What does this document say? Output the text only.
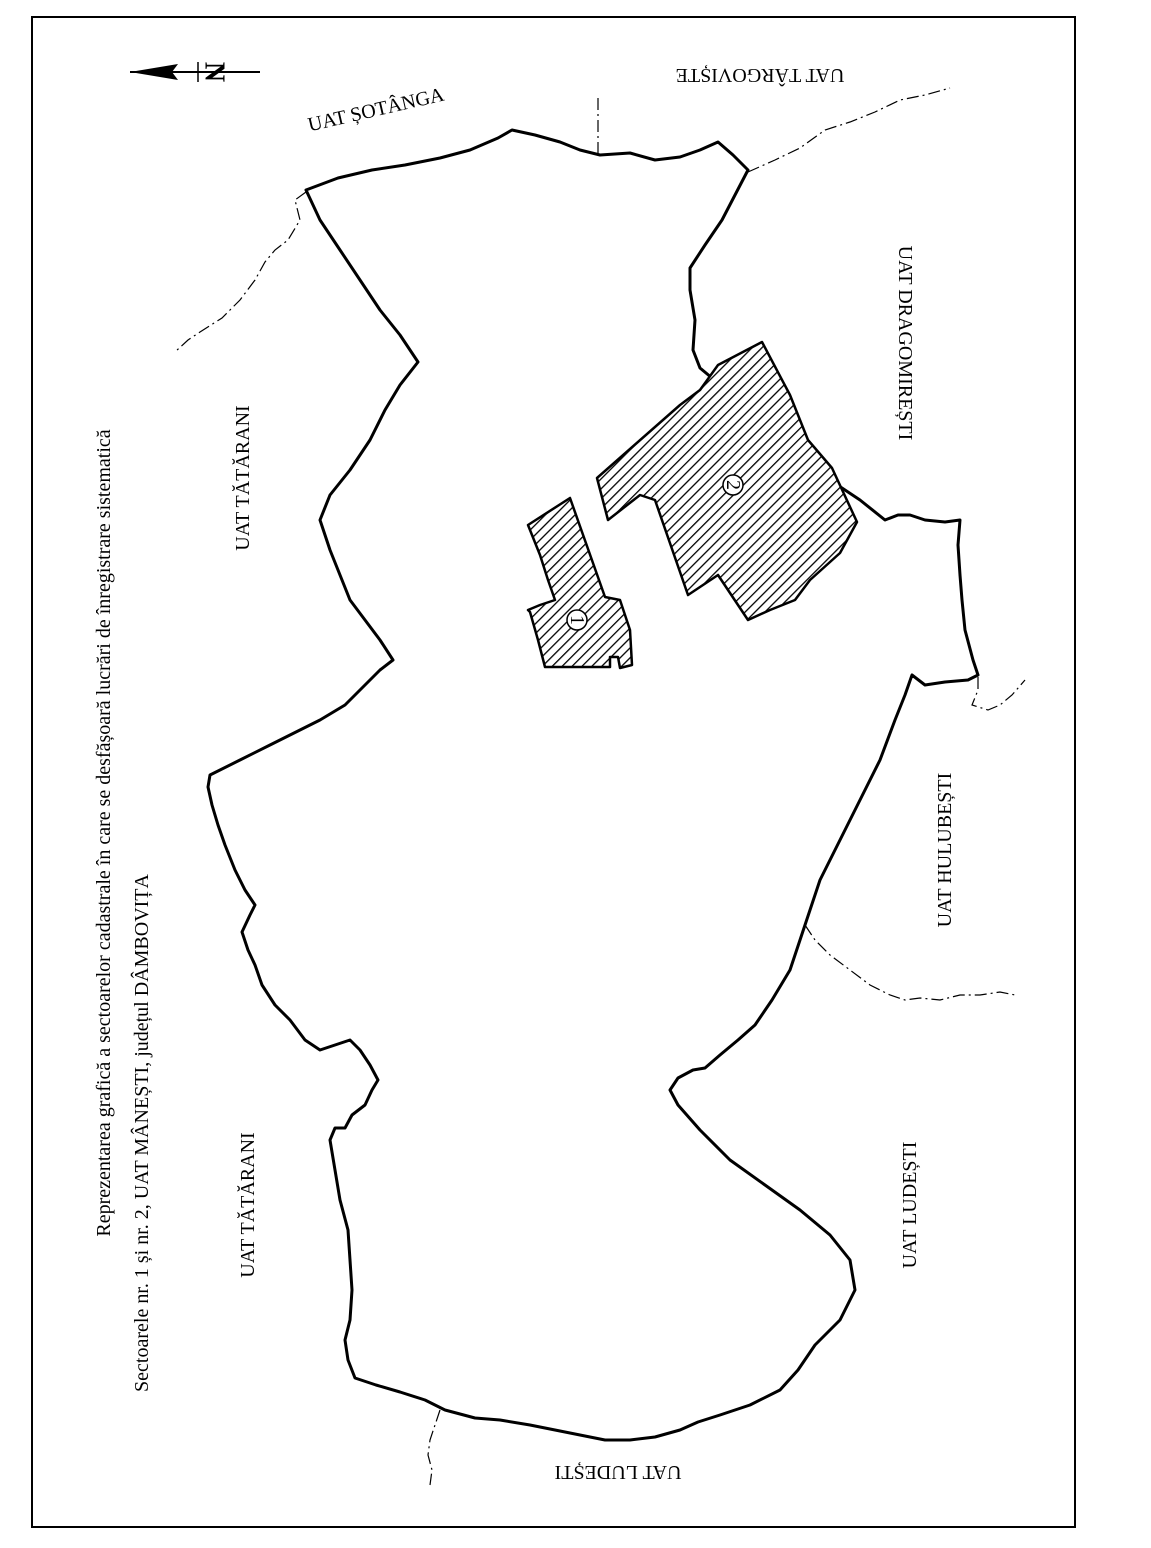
1
2
N
Reprezentarea grafică a sectoarelor cadastrale în care se desfășoară lucrări de înregistrare sistematică Sectoarele nr. 1 și nr. 2, UAT MÂNEȘTI, județul DÂMBOVIȚA
UAT ȘOTÂNGA
UAT TÂRGOVIȘTE
UAT DRAGOMIREȘTI
UAT TĂTĂRANI
UAT HULUBEȘTI
UAT TĂTĂRANI	UAT LUDEȘTI
UAT LUDEȘTI
